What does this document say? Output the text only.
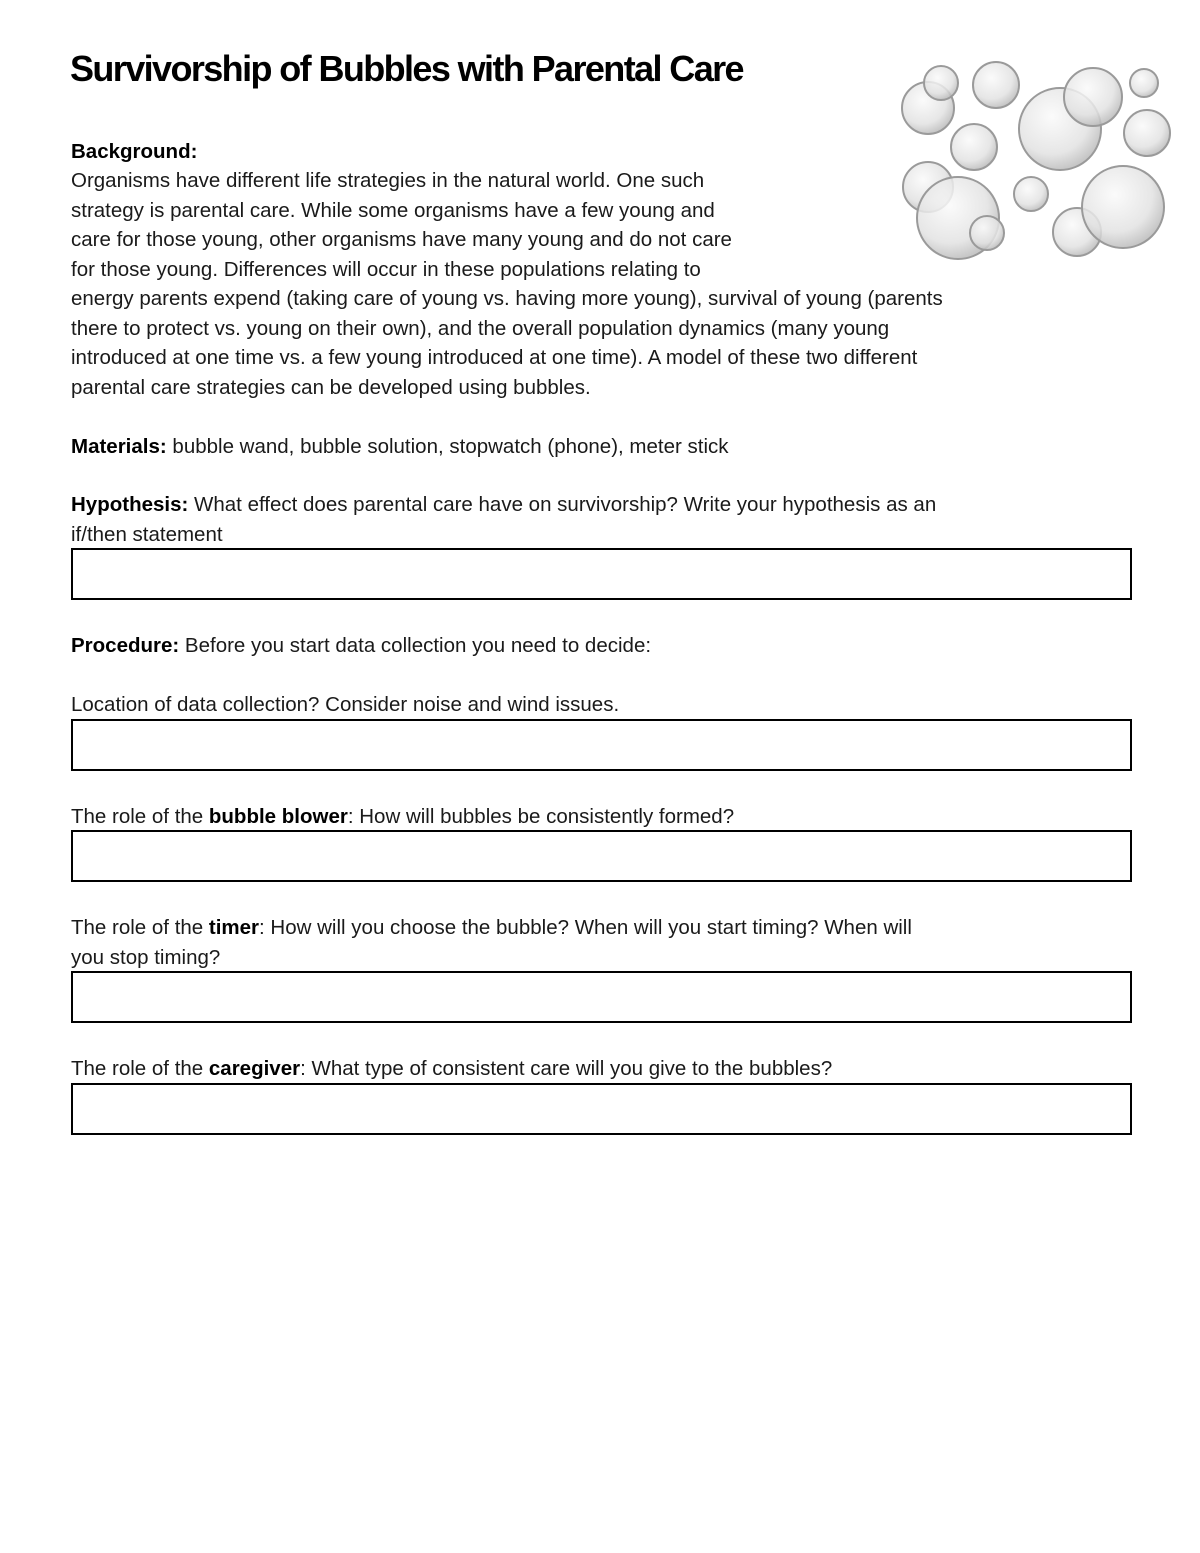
Survivorship of Bubbles with Parental Care
Background:
Organisms have different life strategies in the natural world. One such
strategy is parental care. While some organisms have a few young and
care for those young, other organisms have many young and do not care
for those young. Differences will occur in these populations relating to
energy parents expend (taking care of young vs. having more young), survival of young (parents
there to protect vs. young on their own), and the overall population dynamics (many young
introduced at one time vs. a few young introduced at one time). A model of these two different
parental care strategies can be developed using bubbles.
Materials: bubble wand, bubble solution, stopwatch (phone), meter stick
Hypothesis: What effect does parental care have on survivorship? Write your hypothesis as an
if/then statement
Procedure: Before you start data collection you need to decide:
Location of data collection? Consider noise and wind issues.
The role of the bubble blower: How will bubbles be consistently formed?
The role of the timer: How will you choose the bubble? When will you start timing? When will
you stop timing?
The role of the caregiver: What type of consistent care will you give to the bubbles?
